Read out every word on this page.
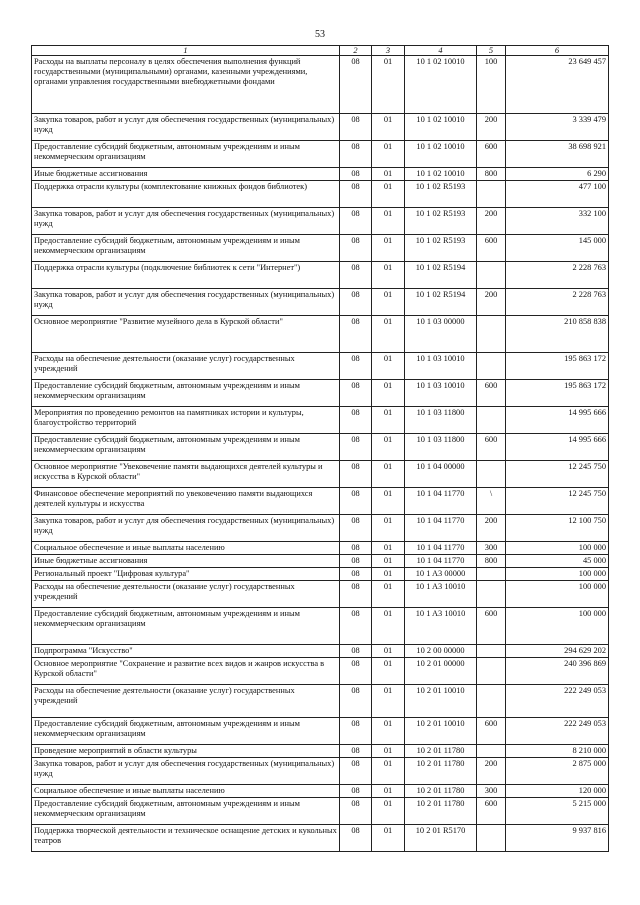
53
1	2	3	4	5	6
Расходы на выплаты персоналу в целях обеспечения выполнения функций государственными (муниципальными) органами, казенными учреждениями, органами управления государственными внебюджетными фондами	08	01	10 1 02 10010	100	23 649 457
Закупка товаров, работ и услуг для обеспечения государственных (муниципальных) нужд	08	01	10 1 02 10010	200	3 339 479
Предоставление субсидий бюджетным, автономным учреждениям и иным некоммерческим организациям	08	01	10 1 02 10010	600	38 698 921
Иные бюджетные ассигнования	08	01	10 1 02 10010	800	6 290
Поддержка отрасли культуры (комплектование книжных фондов библиотек)	08	01	10 1 02 R5193		477 100
Закупка товаров, работ и услуг для обеспечения государственных (муниципальных) нужд	08	01	10 1 02 R5193	200	332 100
Предоставление субсидий бюджетным, автономным учреждениям и иным некоммерческим организациям	08	01	10 1 02 R5193	600	145 000
Поддержка отрасли культуры (подключение библиотек к сети "Интернет")	08	01	10 1 02 R5194		2 228 763
Закупка товаров, работ и услуг для обеспечения государственных (муниципальных) нужд	08	01	10 1 02 R5194	200	2 228 763
Основное мероприятие "Развитие музейного дела в Курской области"	08	01	10 1 03 00000		210 858 838
Расходы на обеспечение деятельности (оказание услуг) государственных учреждений	08	01	10 1 03 10010		195 863 172
Предоставление субсидий бюджетным, автономным учреждениям и иным некоммерческим организациям	08	01	10 1 03 10010	600	195 863 172
Мероприятия по проведению ремонтов на памятниках истории и культуры, благоустройство территорий	08	01	10 1 03 11800		14 995 666
Предоставление субсидий бюджетным, автономным учреждениям и иным некоммерческим организациям	08	01	10 1 03 11800	600	14 995 666
Основное мероприятие "Увековечение памяти выдающихся деятелей культуры и искусства в Курской области"	08	01	10 1 04 00000		12 245 750
Финансовое обеспечение мероприятий по увековечению памяти выдающихся деятелей культуры и искусства	08	01	10 1 04 11770	\	12 245 750
Закупка товаров, работ и услуг для обеспечения государственных (муниципальных) нужд	08	01	10 1 04 11770	200	12 100 750
Социальное обеспечение и иные выплаты населению	08	01	10 1 04 11770	300	100 000
Иные бюджетные ассигнования	08	01	10 1 04 11770	800	45 000
Региональный проект "Цифровая культура"	08	01	10 1 A3 00000		100 000
Расходы на обеспечение деятельности (оказание услуг) государственных учреждений	08	01	10 1 A3 10010		100 000
Предоставление субсидий бюджетным, автономным учреждениям и иным некоммерческим организациям	08	01	10 1 A3 10010	600	100 000
Подпрограмма "Искусство"	08	01	10 2 00 00000		294 629 202
Основное мероприятие "Сохранение и развитие всех видов и жанров искусства в Курской области"	08	01	10 2 01 00000		240 396 869
Расходы на обеспечение деятельности (оказание услуг) государственных учреждений	08	01	10 2 01 10010		222 249 053
Предоставление субсидий бюджетным, автономным учреждениям и иным некоммерческим организациям	08	01	10 2 01 10010	600	222 249 053
Проведение мероприятий в области культуры	08	01	10 2 01 11780		8 210 000
Закупка товаров, работ и услуг для обеспечения государственных (муниципальных) нужд	08	01	10 2 01 11780	200	2 875 000
Социальное обеспечение и иные выплаты населению	08	01	10 2 01 11780	300	120 000
Предоставление субсидий бюджетным, автономным учреждениям и иным некоммерческим организациям	08	01	10 2 01 11780	600	5 215 000
Поддержка творческой деятельности и техническое оснащение детских и кукольных театров	08	01	10 2 01 R5170		9 937 816
